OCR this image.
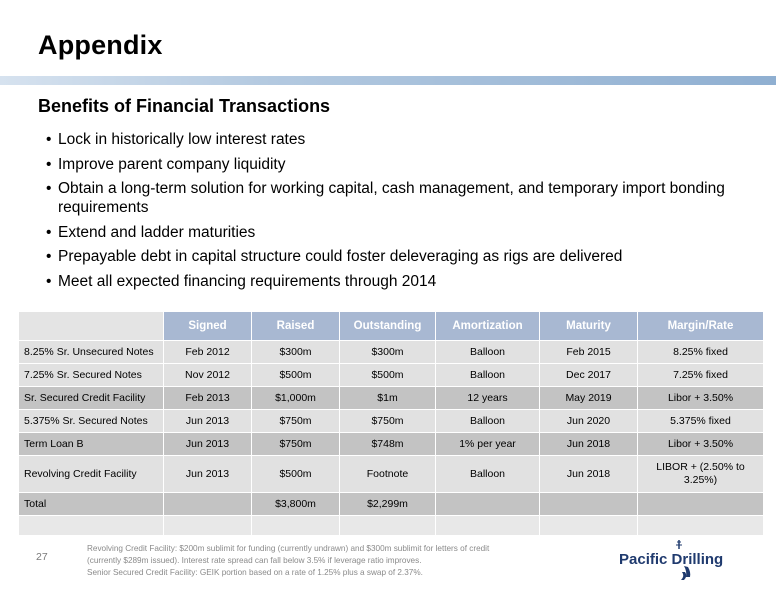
Appendix
Benefits of Financial Transactions
• Lock in historically low interest rates
• Improve parent company liquidity
• Obtain a long-term solution for working capital, cash management, and temporary import bonding requirements
• Extend and ladder maturities
• Prepayable debt in capital structure could foster deleveraging as rigs are delivered
• Meet all expected financing requirements through 2014
	Signed	Raised	Outstanding	Amortization	Maturity	Margin/Rate
8.25% Sr. Unsecured Notes	Feb 2012	$300m	$300m	Balloon	Feb 2015	8.25% fixed
7.25% Sr. Secured Notes	Nov 2012	$500m	$500m	Balloon	Dec 2017	7.25% fixed
Sr. Secured Credit Facility	Feb 2013	$1,000m	$1m	12 years	May 2019	Libor + 3.50%
5.375% Sr. Secured Notes	Jun 2013	$750m	$750m	Balloon	Jun 2020	5.375% fixed
Term Loan B	Jun 2013	$750m	$748m	1% per year	Jun 2018	Libor + 3.50%
Revolving Credit Facility	Jun 2013	$500m	Footnote	Balloon	Jun 2018	LIBOR + (2.50% to 3.25%)
Total		$3,800m	$2,299m			

27
Revolving Credit Facility: $200m sublimit for funding (currently undrawn) and $300m sublimit for letters of credit
(currently $289m issued). Interest rate spread can fall below 3.5% if leverage ratio improves.
Senior Secured Credit Facility: GEIK portion based on a rate of 1.25% plus a swap of 2.37%.
Pacific Drilling
